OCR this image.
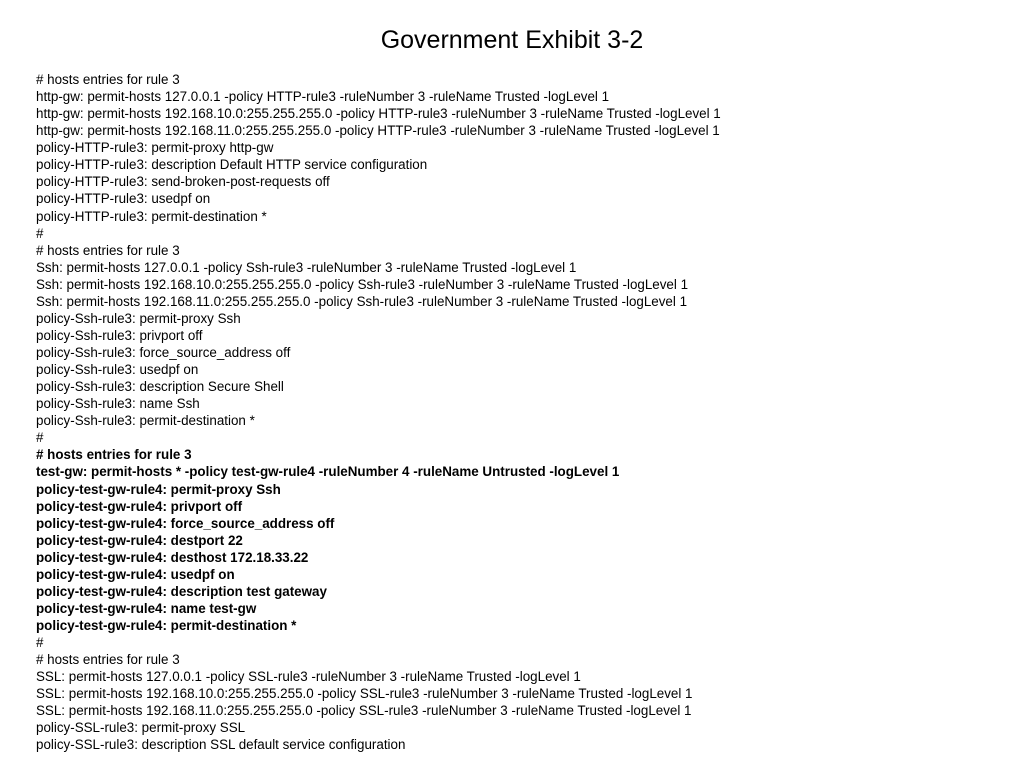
Government Exhibit 3-2
# hosts entries for rule 3
http-gw: permit-hosts 127.0.0.1 -policy HTTP-rule3 -ruleNumber 3 -ruleName Trusted -logLevel 1
http-gw: permit-hosts 192.168.10.0:255.255.255.0 -policy HTTP-rule3 -ruleNumber 3 -ruleName Trusted -logLevel 1
http-gw: permit-hosts 192.168.11.0:255.255.255.0 -policy HTTP-rule3 -ruleNumber 3 -ruleName Trusted -logLevel 1
policy-HTTP-rule3: permit-proxy http-gw
policy-HTTP-rule3: description Default HTTP service configuration
policy-HTTP-rule3: send-broken-post-requests off
policy-HTTP-rule3: usedpf on
policy-HTTP-rule3: permit-destination *
#
# hosts entries for rule 3
Ssh: permit-hosts 127.0.0.1 -policy Ssh-rule3 -ruleNumber 3 -ruleName Trusted -logLevel 1
Ssh: permit-hosts 192.168.10.0:255.255.255.0 -policy Ssh-rule3 -ruleNumber 3 -ruleName Trusted -logLevel 1
Ssh: permit-hosts 192.168.11.0:255.255.255.0 -policy Ssh-rule3 -ruleNumber 3 -ruleName Trusted -logLevel 1
policy-Ssh-rule3: permit-proxy Ssh
policy-Ssh-rule3: privport off
policy-Ssh-rule3: force_source_address off
policy-Ssh-rule3: usedpf on
policy-Ssh-rule3: description Secure Shell
policy-Ssh-rule3: name Ssh
policy-Ssh-rule3: permit-destination *
#
# hosts entries for rule 3
test-gw: permit-hosts * -policy test-gw-rule4 -ruleNumber 4 -ruleName Untrusted -logLevel 1
policy-test-gw-rule4: permit-proxy Ssh
policy-test-gw-rule4: privport off
policy-test-gw-rule4: force_source_address off
policy-test-gw-rule4: destport 22
policy-test-gw-rule4: desthost 172.18.33.22
policy-test-gw-rule4: usedpf on
policy-test-gw-rule4: description test gateway
policy-test-gw-rule4: name test-gw
policy-test-gw-rule4: permit-destination *
#
# hosts entries for rule 3
SSL: permit-hosts 127.0.0.1 -policy SSL-rule3 -ruleNumber 3 -ruleName Trusted -logLevel 1
SSL: permit-hosts 192.168.10.0:255.255.255.0 -policy SSL-rule3 -ruleNumber 3 -ruleName Trusted -logLevel 1
SSL: permit-hosts 192.168.11.0:255.255.255.0 -policy SSL-rule3 -ruleNumber 3 -ruleName Trusted -logLevel 1
policy-SSL-rule3: permit-proxy SSL
policy-SSL-rule3: description SSL default service configuration
